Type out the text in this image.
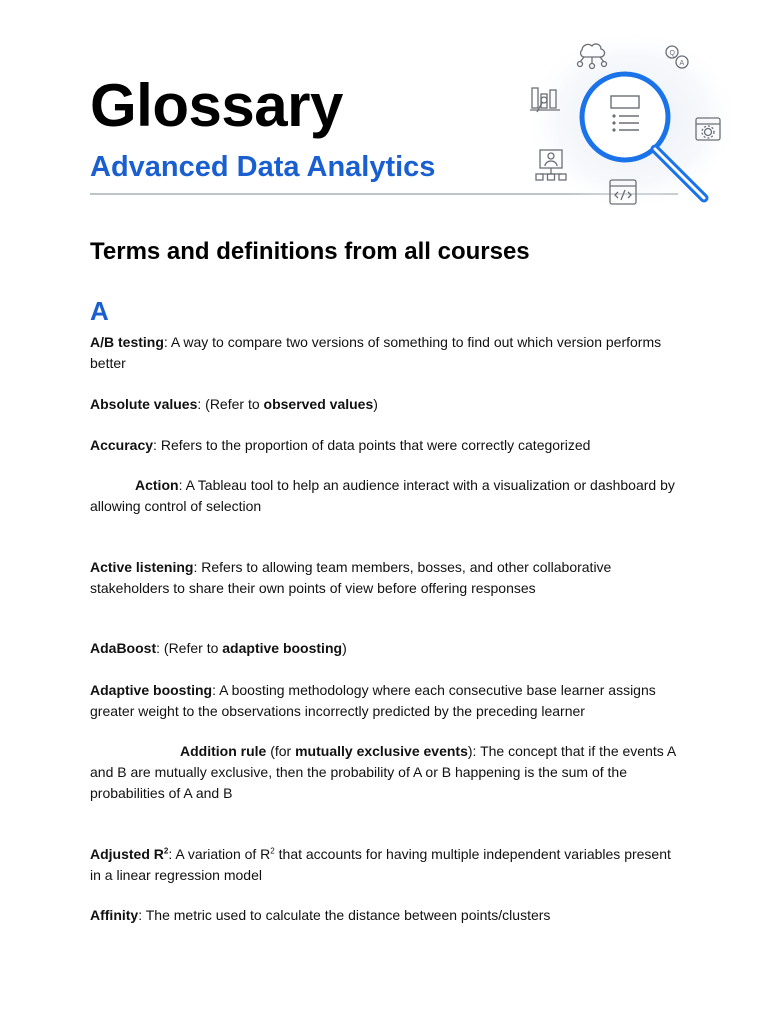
Glossary
Advanced Data Analytics
Q
A
Terms and definitions from all courses
A
A/B testing: A way to compare two versions of something to find out which version performs better
Absolute values: (Refer to observed values)
Accuracy: Refers to the proportion of data points that were correctly categorized
Action: A Tableau tool to help an audience interact with a visualization or dashboard by allowing control of selection
Active listening: Refers to allowing team members, bosses, and other collaborative stakeholders to share their own points of view before offering responses
AdaBoost: (Refer to adaptive boosting)
Adaptive boosting: A boosting methodology where each consecutive base learner assigns greater weight to the observations incorrectly predicted by the preceding learner
Addition rule (for mutually exclusive events): The concept that if the events A and B are mutually exclusive, then the probability of A or B happening is the sum of the probabilities of A and B
Adjusted $R^2$: A variation of $R^2$ that accounts for having multiple independent variables present in a linear regression model
Affinity: The metric used to calculate the distance between points/clusters
